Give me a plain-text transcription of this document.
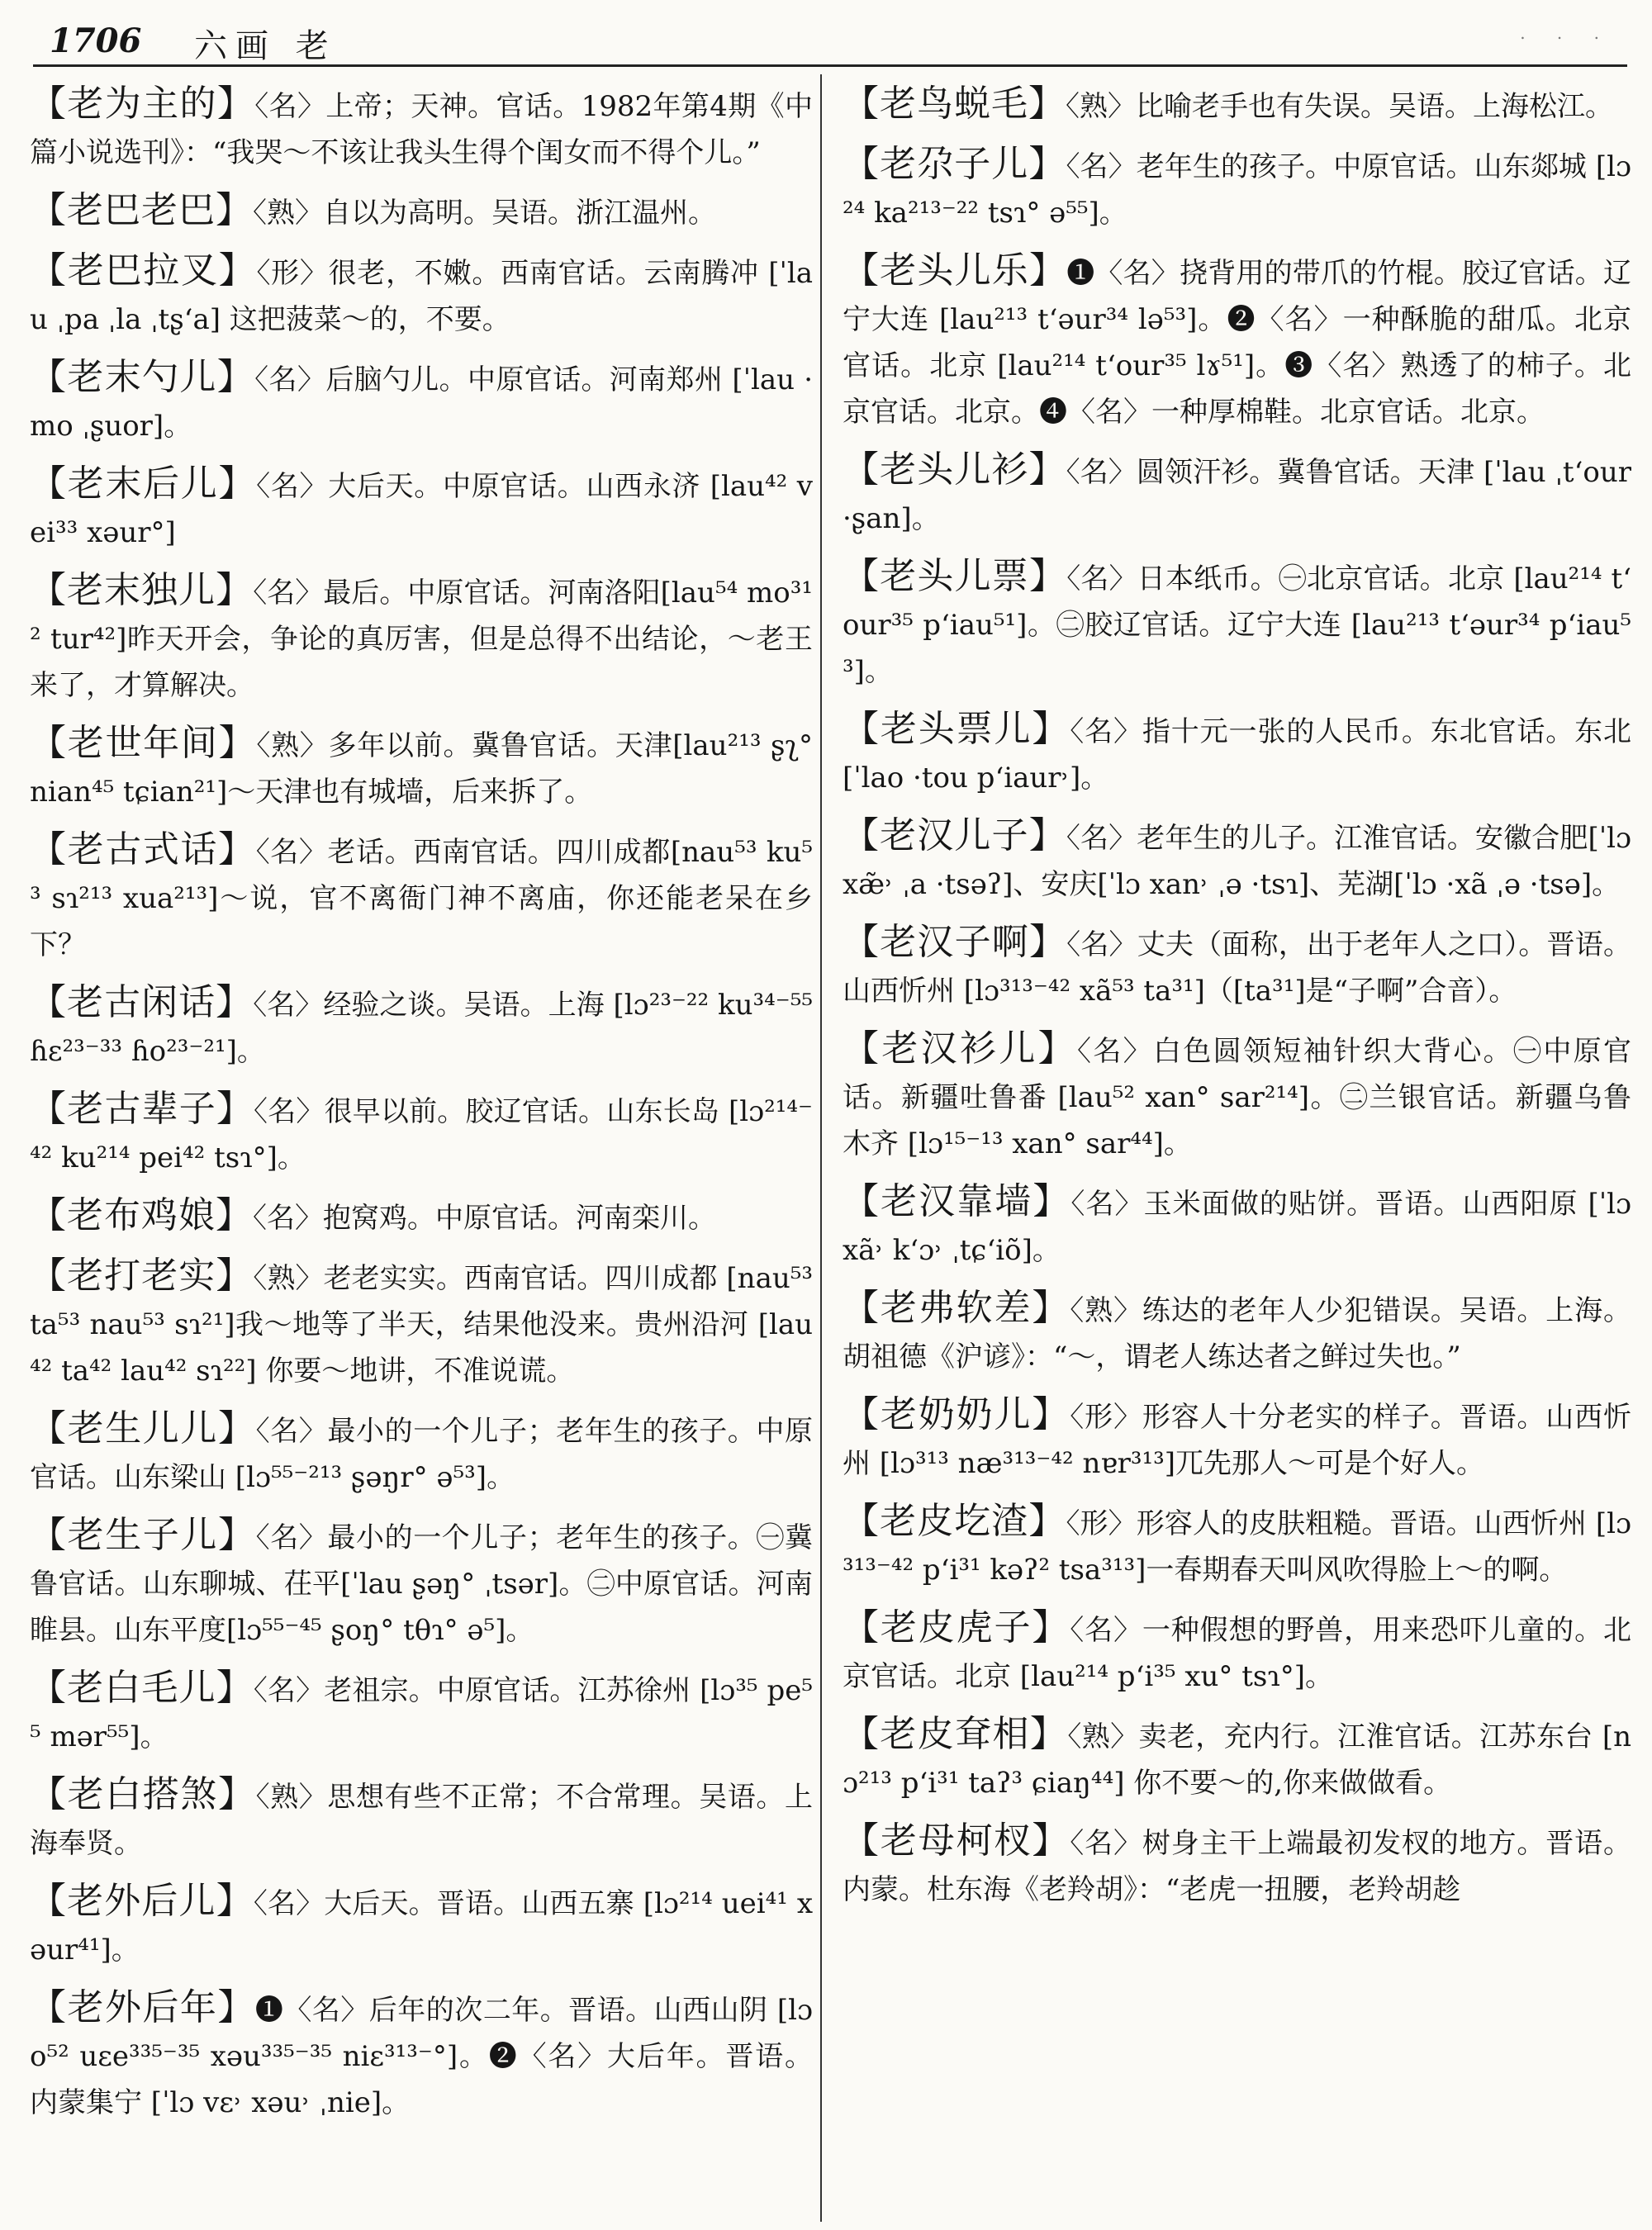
1706 六画 老	. . .
【老为主的】〈名〉上帝；天神。官话。1982年第4期《中篇小说选刊》：“我哭～不该让我头生得个闺女而不得个儿。”
【老巴老巴】〈熟〉自以为高明。吴语。浙江温州。
【老巴拉叉】〈形〉很老，不嫩。西南官话。云南腾冲 [ˈlau ˌpa ˌla ˌtʂʻa] 这把菠菜～的，不要。
【老末勺儿】〈名〉后脑勺儿。中原官话。河南郑州 [ˈlau ·mo ˌʂuor]。
【老末后儿】〈名〉大后天。中原官话。山西永济 [lau⁴² vei³³ xəur°]
【老末独儿】〈名〉最后。中原官话。河南洛阳[lau⁵⁴ mo³¹² tur⁴²]昨天开会，争论的真厉害，但是总得不出结论，～老王来了，才算解决。
【老世年间】〈熟〉多年以前。冀鲁官话。天津[lau²¹³ ʂʅ° nian⁴⁵ tɕian²¹]～天津也有城墙，后来拆了。
【老古式话】〈名〉老话。西南官话。四川成都[nau⁵³ ku⁵³ sɿ²¹³ xua²¹³]～说，官不离衙门神不离庙，你还能老呆在乡下？
【老古闲话】〈名〉经验之谈。吴语。上海 [lɔ²³⁻²² ku³⁴⁻⁵⁵ ɦɛ²³⁻³³ ɦo²³⁻²¹]。
【老古辈子】〈名〉很早以前。胶辽官话。山东长岛 [lɔ²¹⁴⁻⁴² ku²¹⁴ pei⁴² tsɿ°]。
【老布鸡娘】〈名〉抱窝鸡。中原官话。河南栾川。
【老打老实】〈熟〉老老实实。西南官话。四川成都 [nau⁵³ ta⁵³ nau⁵³ sɿ²¹]我～地等了半天，结果他没来。贵州沿河 [lau⁴² ta⁴² lau⁴² sɿ²²] 你要～地讲，不准说谎。
【老生儿儿】〈名〉最小的一个儿子；老年生的孩子。中原官话。山东梁山 [lɔ⁵⁵⁻²¹³ ʂəŋr° ə⁵³]。
【老生子儿】〈名〉最小的一个儿子；老年生的孩子。㊀冀鲁官话。山东聊城、茌平[ˈlau ʂəŋ° ˌtsər]。㊁中原官话。河南睢县。山东平度[lɔ⁵⁵⁻⁴⁵ ʂoŋ° tθɿ° ə⁵]。
【老白毛儿】〈名〉老祖宗。中原官话。江苏徐州 [lɔ³⁵ pe⁵⁵ mər⁵⁵]。
【老白搭煞】〈熟〉思想有些不正常；不合常理。吴语。上海奉贤。
【老外后儿】〈名〉大后天。晋语。山西五寨 [lɔ²¹⁴ uei⁴¹ xəur⁴¹]。
【老外后年】❶〈名〉后年的次二年。晋语。山西山阴 [lɔo⁵² uɛe³³⁵⁻³⁵ xəu³³⁵⁻³⁵ niɛ³¹³⁻°]。❷〈名〉大后年。晋语。内蒙集宁 [ˈlɔ vɛ˒ xəu˒ ˌnie]。
【老鸟蜕毛】〈熟〉比喻老手也有失误。吴语。上海松江。
【老尕子儿】〈名〉老年生的孩子。中原官话。山东郯城 [lɔ²⁴ ka²¹³⁻²² tsɿ° ə⁵⁵]。
【老头儿乐】❶〈名〉挠背用的带爪的竹棍。胶辽官话。辽宁大连 [lau²¹³ tʻəur³⁴ lə⁵³]。❷〈名〉一种酥脆的甜瓜。北京官话。北京 [lau²¹⁴ tʻour³⁵ lɤ⁵¹]。❸〈名〉熟透了的柿子。北京官话。北京。❹〈名〉一种厚棉鞋。北京官话。北京。
【老头儿衫】〈名〉圆领汗衫。冀鲁官话。天津 [ˈlau ˌtʻour ·ʂan]。
【老头儿票】〈名〉日本纸币。㊀北京官话。北京 [lau²¹⁴ tʻour³⁵ pʻiau⁵¹]。㊁胶辽官话。辽宁大连 [lau²¹³ tʻəur³⁴ pʻiau⁵³]。
【老头票儿】〈名〉指十元一张的人民币。东北官话。东北[ˈlao ·tou pʻiaur˒]。
【老汉儿子】〈名〉老年生的儿子。江淮官话。安徽合肥[ˈlɔ xæ̃˒ ˌa ·tsəʔ]、安庆[ˈlɔ xan˒ ˌə ·tsɿ]、芜湖[ˈlɔ ·xã ˌə ·tsə]。
【老汉子啊】〈名〉丈夫（面称，出于老年人之口）。晋语。山西忻州 [lɔ³¹³⁻⁴² xã⁵³ ta³¹]（[ta³¹]是“子啊”合音）。
【老汉衫儿】〈名〉白色圆领短袖针织大背心。㊀中原官话。新疆吐鲁番 [lau⁵² xan° sar²¹⁴]。㊁兰银官话。新疆乌鲁木齐 [lɔ¹⁵⁻¹³ xan° sar⁴⁴]。
【老汉靠墙】〈名〉玉米面做的贴饼。晋语。山西阳原 [ˈlɔ xã˒ kʻɔ˒ ˌtɕʻiõ]。
【老弗软差】〈熟〉练达的老年人少犯错误。吴语。上海。胡祖德《沪谚》：“～，谓老人练达者之鲜过失也。”
【老奶奶儿】〈形〉形容人十分老实的样子。晋语。山西忻州 [lɔ³¹³ næ³¹³⁻⁴² nɐr³¹³]兀先那人～可是个好人。
【老皮圪渣】〈形〉形容人的皮肤粗糙。晋语。山西忻州 [lɔ³¹³⁻⁴² pʻi³¹ kəʔ² tsa³¹³]一春期春天叫风吹得脸上～的啊。
【老皮虎子】〈名〉一种假想的野兽，用来恐吓儿童的。北京官话。北京 [lau²¹⁴ pʻi³⁵ xu° tsɿ°]。
【老皮耷相】〈熟〉卖老，充内行。江淮官话。江苏东台 [nɔ²¹³ pʻi³¹ taʔ³ ɕiaŋ⁴⁴] 你不要～的,你来做做看。
【老母柯杈】〈名〉树身主干上端最初发杈的地方。晋语。内蒙。杜东海《老羚胡》：“老虎一扭腰，老羚胡趁
